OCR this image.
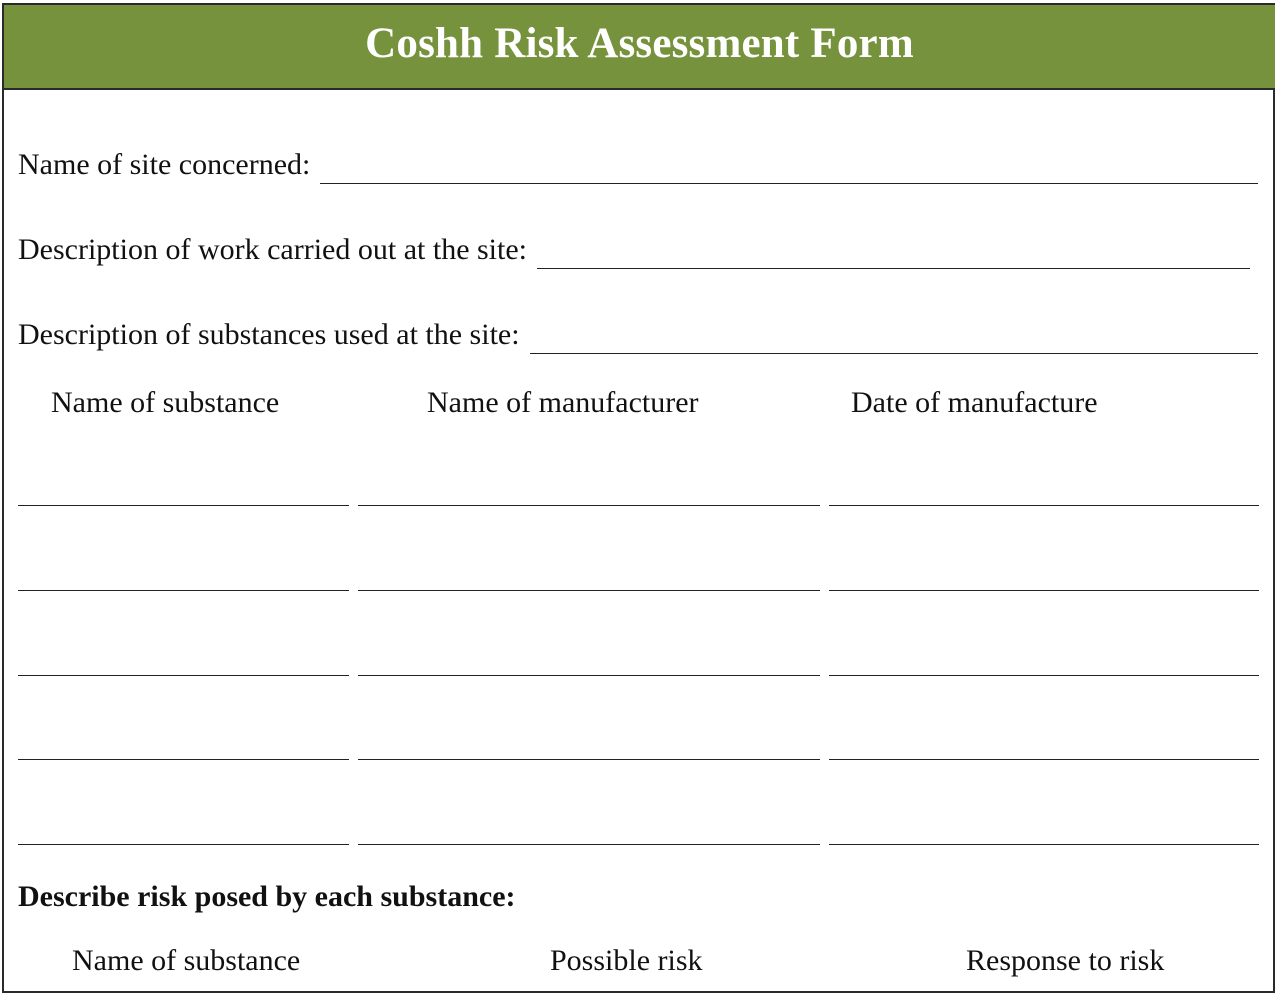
Coshh Risk Assessment Form
Name of site concerned:
Description of work carried out at the site:
Description of substances used at the site:
Name of substance	Name of manufacturer	Date of manufacture
Describe risk posed by each substance:
Name of substance	Possible risk	Response to risk
